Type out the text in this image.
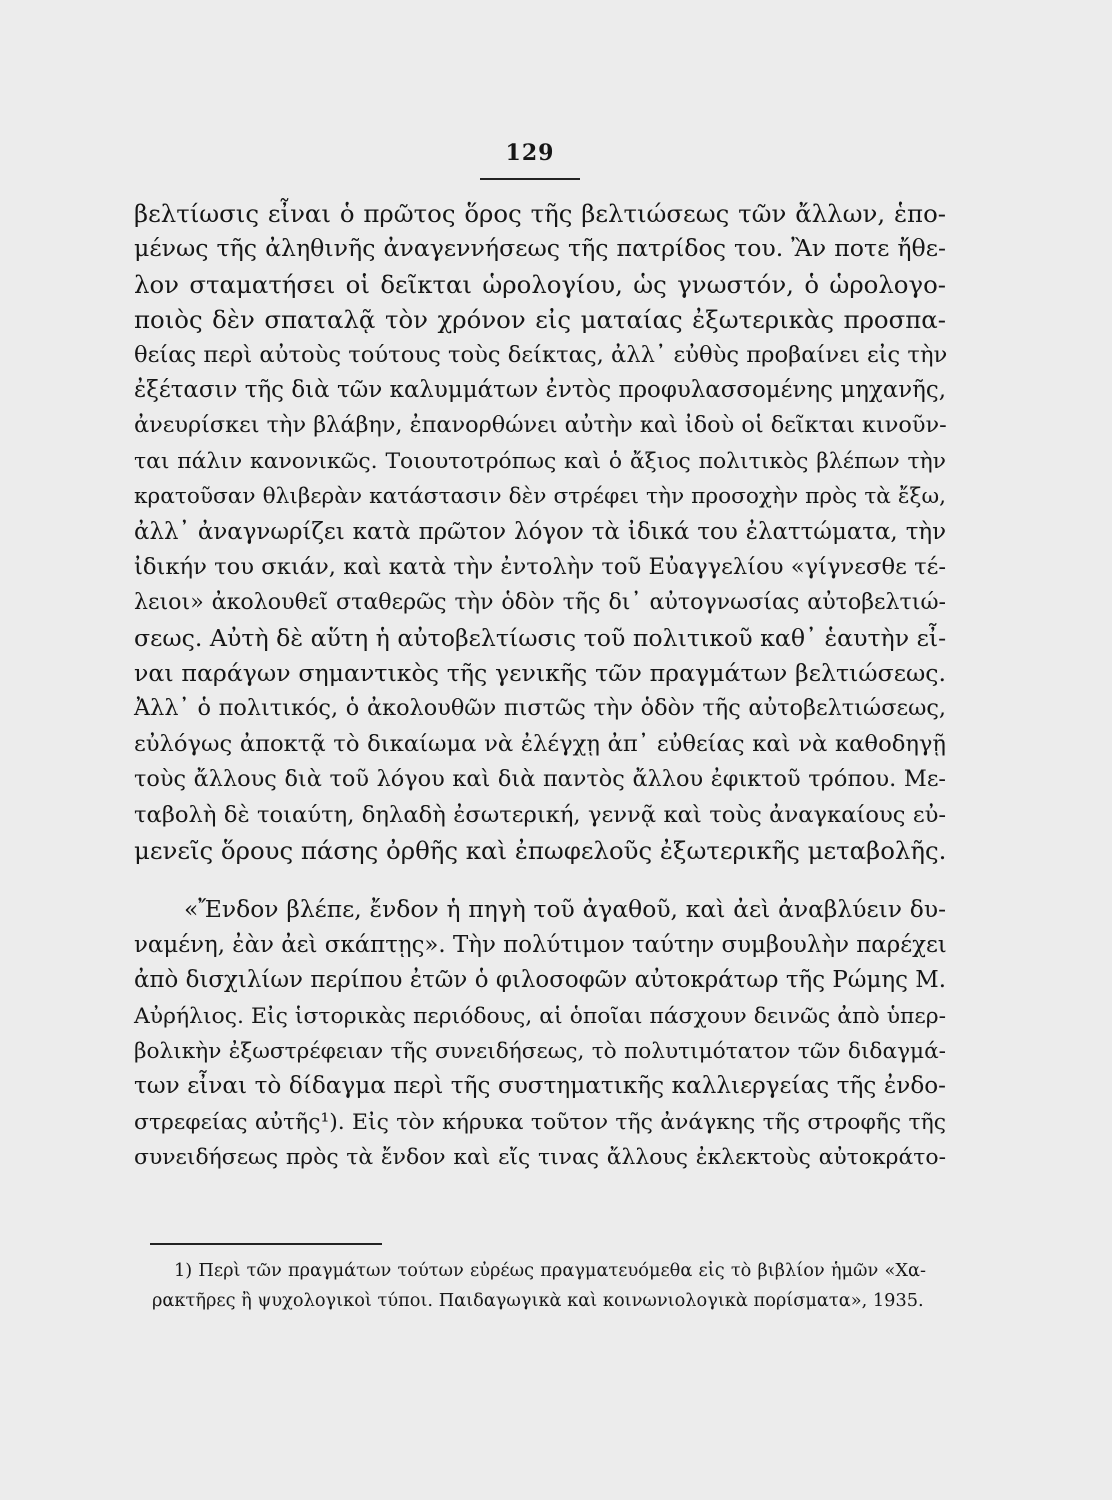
129
βελτίωσις εἶναι ὁ πρῶτος ὅρος τῆς βελτιώσεως τῶν ἄλλων, ἑπο-
μένως τῆς ἀληθινῆς ἀναγεννήσεως τῆς πατρίδος του. Ἂν ποτε ἤθε-
λον σταματήσει οἱ δεῖκται ὡρολογίου, ὡς γνωστόν, ὁ ὡρολογο-
ποιὸς δὲν σπαταλᾷ τὸν χρόνον εἰς ματαίας ἐξωτερικὰς προσπα-
θείας περὶ αὐτοὺς τούτους τοὺς δείκτας, ἀλλ᾽ εὐθὺς προβαίνει εἰς τὴν
ἐξέτασιν τῆς διὰ τῶν καλυμμάτων ἐντὸς προφυλασσομένης μηχανῆς,
ἀνευρίσκει τὴν βλάβην, ἐπανορθώνει αὐτὴν καὶ ἰδοὺ οἱ δεῖκται κινοῦν-
ται πάλιν κανονικῶς. Τοιουτοτρόπως καὶ ὁ ἄξιος πολιτικὸς βλέπων τὴν
κρατοῦσαν θλιβερὰν κατάστασιν δὲν στρέφει τὴν προσοχὴν πρὸς τὰ ἔξω,
ἀλλ᾽ ἀναγνωρίζει κατὰ πρῶτον λόγον τὰ ἰδικά του ἐλαττώματα, τὴν
ἰδικήν του σκιάν, καὶ κατὰ τὴν ἐντολὴν τοῦ Εὐαγγελίου «γίγνεσθε τέ-
λειοι» ἀκολουθεῖ σταθερῶς τὴν ὁδὸν τῆς δι᾽ αὐτογνωσίας αὐτοβελτιώ-
σεως. Αὐτὴ δὲ αὕτη ἡ αὐτοβελτίωσις τοῦ πολιτικοῦ καθ᾽ ἑαυτὴν εἶ-
ναι παράγων σημαντικὸς τῆς γενικῆς τῶν πραγμάτων βελτιώσεως.
Ἀλλ᾽ ὁ πολιτικός, ὁ ἀκολουθῶν πιστῶς τὴν ὁδὸν τῆς αὐτοβελτιώσεως,
εὐλόγως ἀποκτᾷ τὸ δικαίωμα νὰ ἐλέγχῃ ἀπ᾽ εὐθείας καὶ νὰ καθοδηγῇ
τοὺς ἄλλους διὰ τοῦ λόγου καὶ διὰ παντὸς ἄλλου ἐφικτοῦ τρόπου. Με-
ταβολὴ δὲ τοιαύτη, δηλαδὴ ἐσωτερική, γεννᾷ καὶ τοὺς ἀναγκαίους εὐ-
μενεῖς ὅρους πάσης ὀρθῆς καὶ ἐπωφελοῦς ἐξωτερικῆς μεταβολῆς.
«Ἔνδον βλέπε, ἔνδον ἡ πηγὴ τοῦ ἀγαθοῦ, καὶ ἀεὶ ἀναβλύειν δυ-
ναμένη, ἐὰν ἀεὶ σκάπτῃς». Τὴν πολύτιμον ταύτην συμβουλὴν παρέχει
ἀπὸ δισχιλίων περίπου ἐτῶν ὁ φιλοσοφῶν αὐτοκράτωρ τῆς Ρώμης Μ.
Αὐρήλιος. Εἰς ἱστορικὰς περιόδους, αἱ ὁποῖαι πάσχουν δεινῶς ἀπὸ ὑπερ-
βολικὴν ἐξωστρέφειαν τῆς συνειδήσεως, τὸ πολυτιμότατον τῶν διδαγμά-
των εἶναι τὸ δίδαγμα περὶ τῆς συστηματικῆς καλλιεργείας τῆς ἐνδο-
στρεφείας αὐτῆς¹). Εἰς τὸν κήρυκα τοῦτον τῆς ἀνάγκης τῆς στροφῆς τῆς
συνειδήσεως πρὸς τὰ ἔνδον καὶ εἴς τινας ἄλλους ἐκλεκτοὺς αὐτοκράτο-
1) Περὶ τῶν πραγμάτων τούτων εὐρέως πραγματευόμεθα εἰς τὸ βιβλίον ἡμῶν «Χα-
ρακτῆρες ἢ ψυχολογικοὶ τύποι. Παιδαγωγικὰ καὶ κοινωνιολογικὰ πορίσματα», 1935.
